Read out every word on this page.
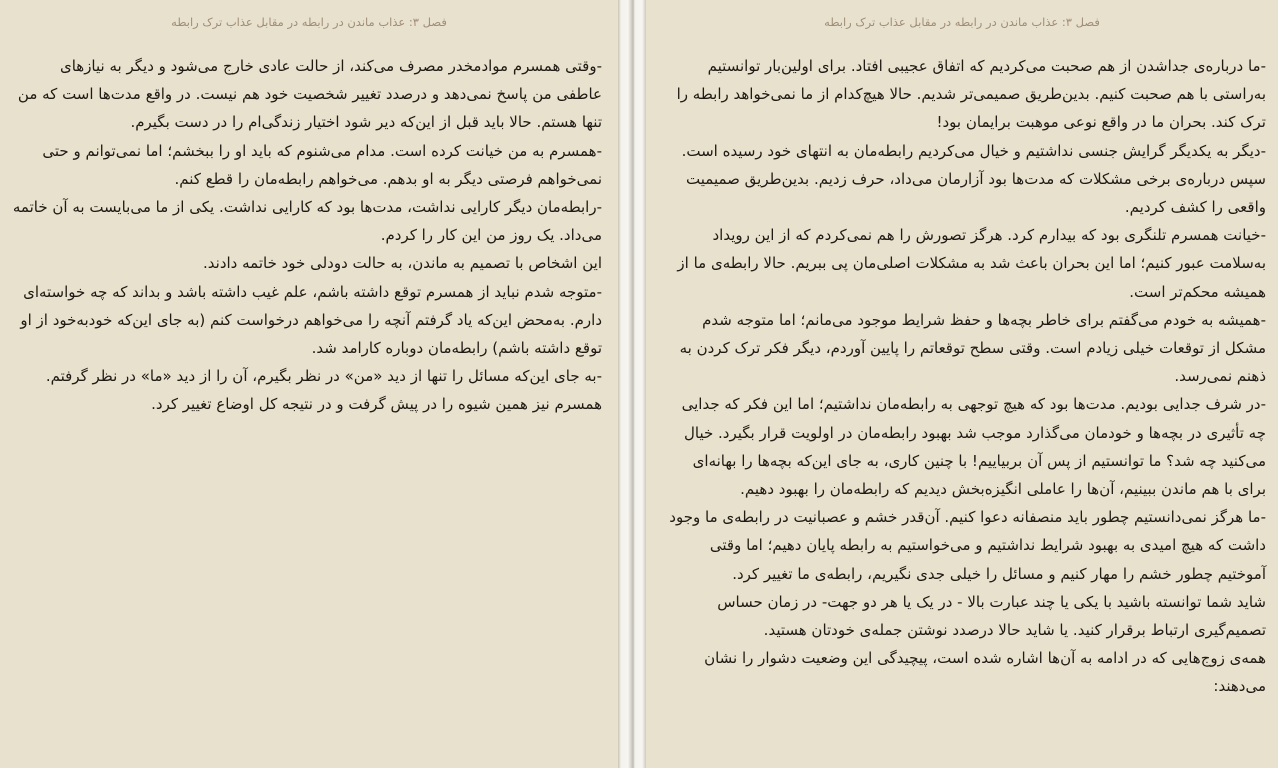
فصل ۳: عذاب ماندن در رابطه در مقابل عذاب ترک رابطه

-وقتی همسرم موادمخدر مصرف می‌کند، از حالت عادی خارج می‌شود و دیگر به نیازهای عاطفی من پاسخ نمی‌دهد و درصدد تغییر شخصیت خود هم نیست. در واقع مدت‌ها است که من تنها هستم. حالا باید قبل از این‌که دیر شود اختیار زندگی‌ام را در دست بگیرم.

-همسرم به من خیانت کرده است. مدام می‌شنوم که باید او را ببخشم؛ اما نمی‌توانم و حتی نمی‌خواهم فرصتی دیگر به او بدهم. می‌خواهم رابطه‌مان را قطع کنم.

-رابطه‌مان دیگر کارایی نداشت، مدت‌ها بود که کارایی نداشت. یکی از ما می‌بایست به آن خاتمه می‌داد. یک روز من این کار را کردم.

این اشخاص با تصمیم به ماندن، به حالت دودلی خود خاتمه دادند.

-متوجه شدم نباید از همسرم توقع داشته باشم، علم غیب داشته باشد و بداند که چه خواسته‌ای دارم. به‌محض این‌که یاد گرفتم آنچه را می‌خواهم درخواست کنم (به جای این‌که خودبه‌خود از او توقع داشته باشم) رابطه‌مان دوباره کارامد شد.

-به جای این‌که مسائل را تنها از دید «من» در نظر بگیرم، آن را از دید «ما» در نظر گرفتم. همسرم نیز همین شیوه را در پیش گرفت و در نتیجه کل اوضاع تغییر کرد.

فصل ۳: عذاب ماندن در رابطه در مقابل عذاب ترک رابطه

-ما درباره‌ی جداشدن از هم صحبت می‌کردیم که اتفاق عجیبی افتاد. برای اولین‌بار توانستیم به‌راستی با هم صحبت کنیم. بدین‌طریق صمیمی‌تر شدیم. حالا هیچ‌کدام از ما نمی‌خواهد رابطه را ترک کند. بحران ما در واقع نوعی موهبت برایمان بود!

-دیگر به یکدیگر گرایش جنسی نداشتیم و خیال می‌کردیم رابطه‌مان به انتهای خود رسیده است. سپس درباره‌ی برخی مشکلات که مدت‌ها بود آزارمان می‌داد، حرف زدیم. بدین‌طریق صمیمیت واقعی را کشف کردیم.

-خیانت همسرم تلنگری بود که بیدارم کرد. هرگز تصورش را هم نمی‌کردم که از این رویداد به‌سلامت عبور کنیم؛ اما این بحران باعث شد به مشکلات اصلی‌مان پی ببریم. حالا رابطه‌ی ما از همیشه محکم‌تر است.

-همیشه به خودم می‌گفتم برای خاطر بچه‌ها و حفظ شرایط موجود می‌مانم؛ اما متوجه شدم مشکل از توقعات خیلی زیادم است. وقتی سطح توقعاتم را پایین آوردم، دیگر فکر ترک کردن به ذهنم نمی‌رسد.

-در شرف جدایی بودیم. مدت‌ها بود که هیچ توجهی به رابطه‌مان نداشتیم؛ اما این فکر که جدایی چه تأثیری در بچه‌ها و خودمان می‌گذارد موجب شد بهبود رابطه‌مان در اولویت قرار بگیرد. خیال می‌کنید چه شد؟ ما توانستیم از پس آن بربیاییم! با چنین کاری، به جای این‌که بچه‌ها را بهانه‌ای برای با هم ماندن ببینیم، آن‌ها را عاملی انگیزه‌بخش دیدیم که رابطه‌مان را بهبود دهیم.

-ما هرگز نمی‌دانستیم چطور باید منصفانه دعوا کنیم. آن‌قدر خشم و عصبانیت در رابطه‌ی ما وجود داشت که هیچ امیدی به بهبود شرایط نداشتیم و می‌خواستیم به رابطه پایان دهیم؛ اما وقتی آموختیم چطور خشم را مهار کنیم و مسائل را خیلی جدی نگیریم، رابطه‌ی ما تغییر کرد.

شاید شما توانسته باشید با یکی یا چند عبارت بالا - در یک یا هر دو جهت- در زمان حساس تصمیم‌گیری ارتباط برقرار کنید. یا شاید حالا درصدد نوشتن جمله‌ی خودتان هستید.

همه‌ی زوج‌هایی که در ادامه به آن‌ها اشاره شده است، پیچیدگی این وضعیت دشوار را نشان می‌دهند:
